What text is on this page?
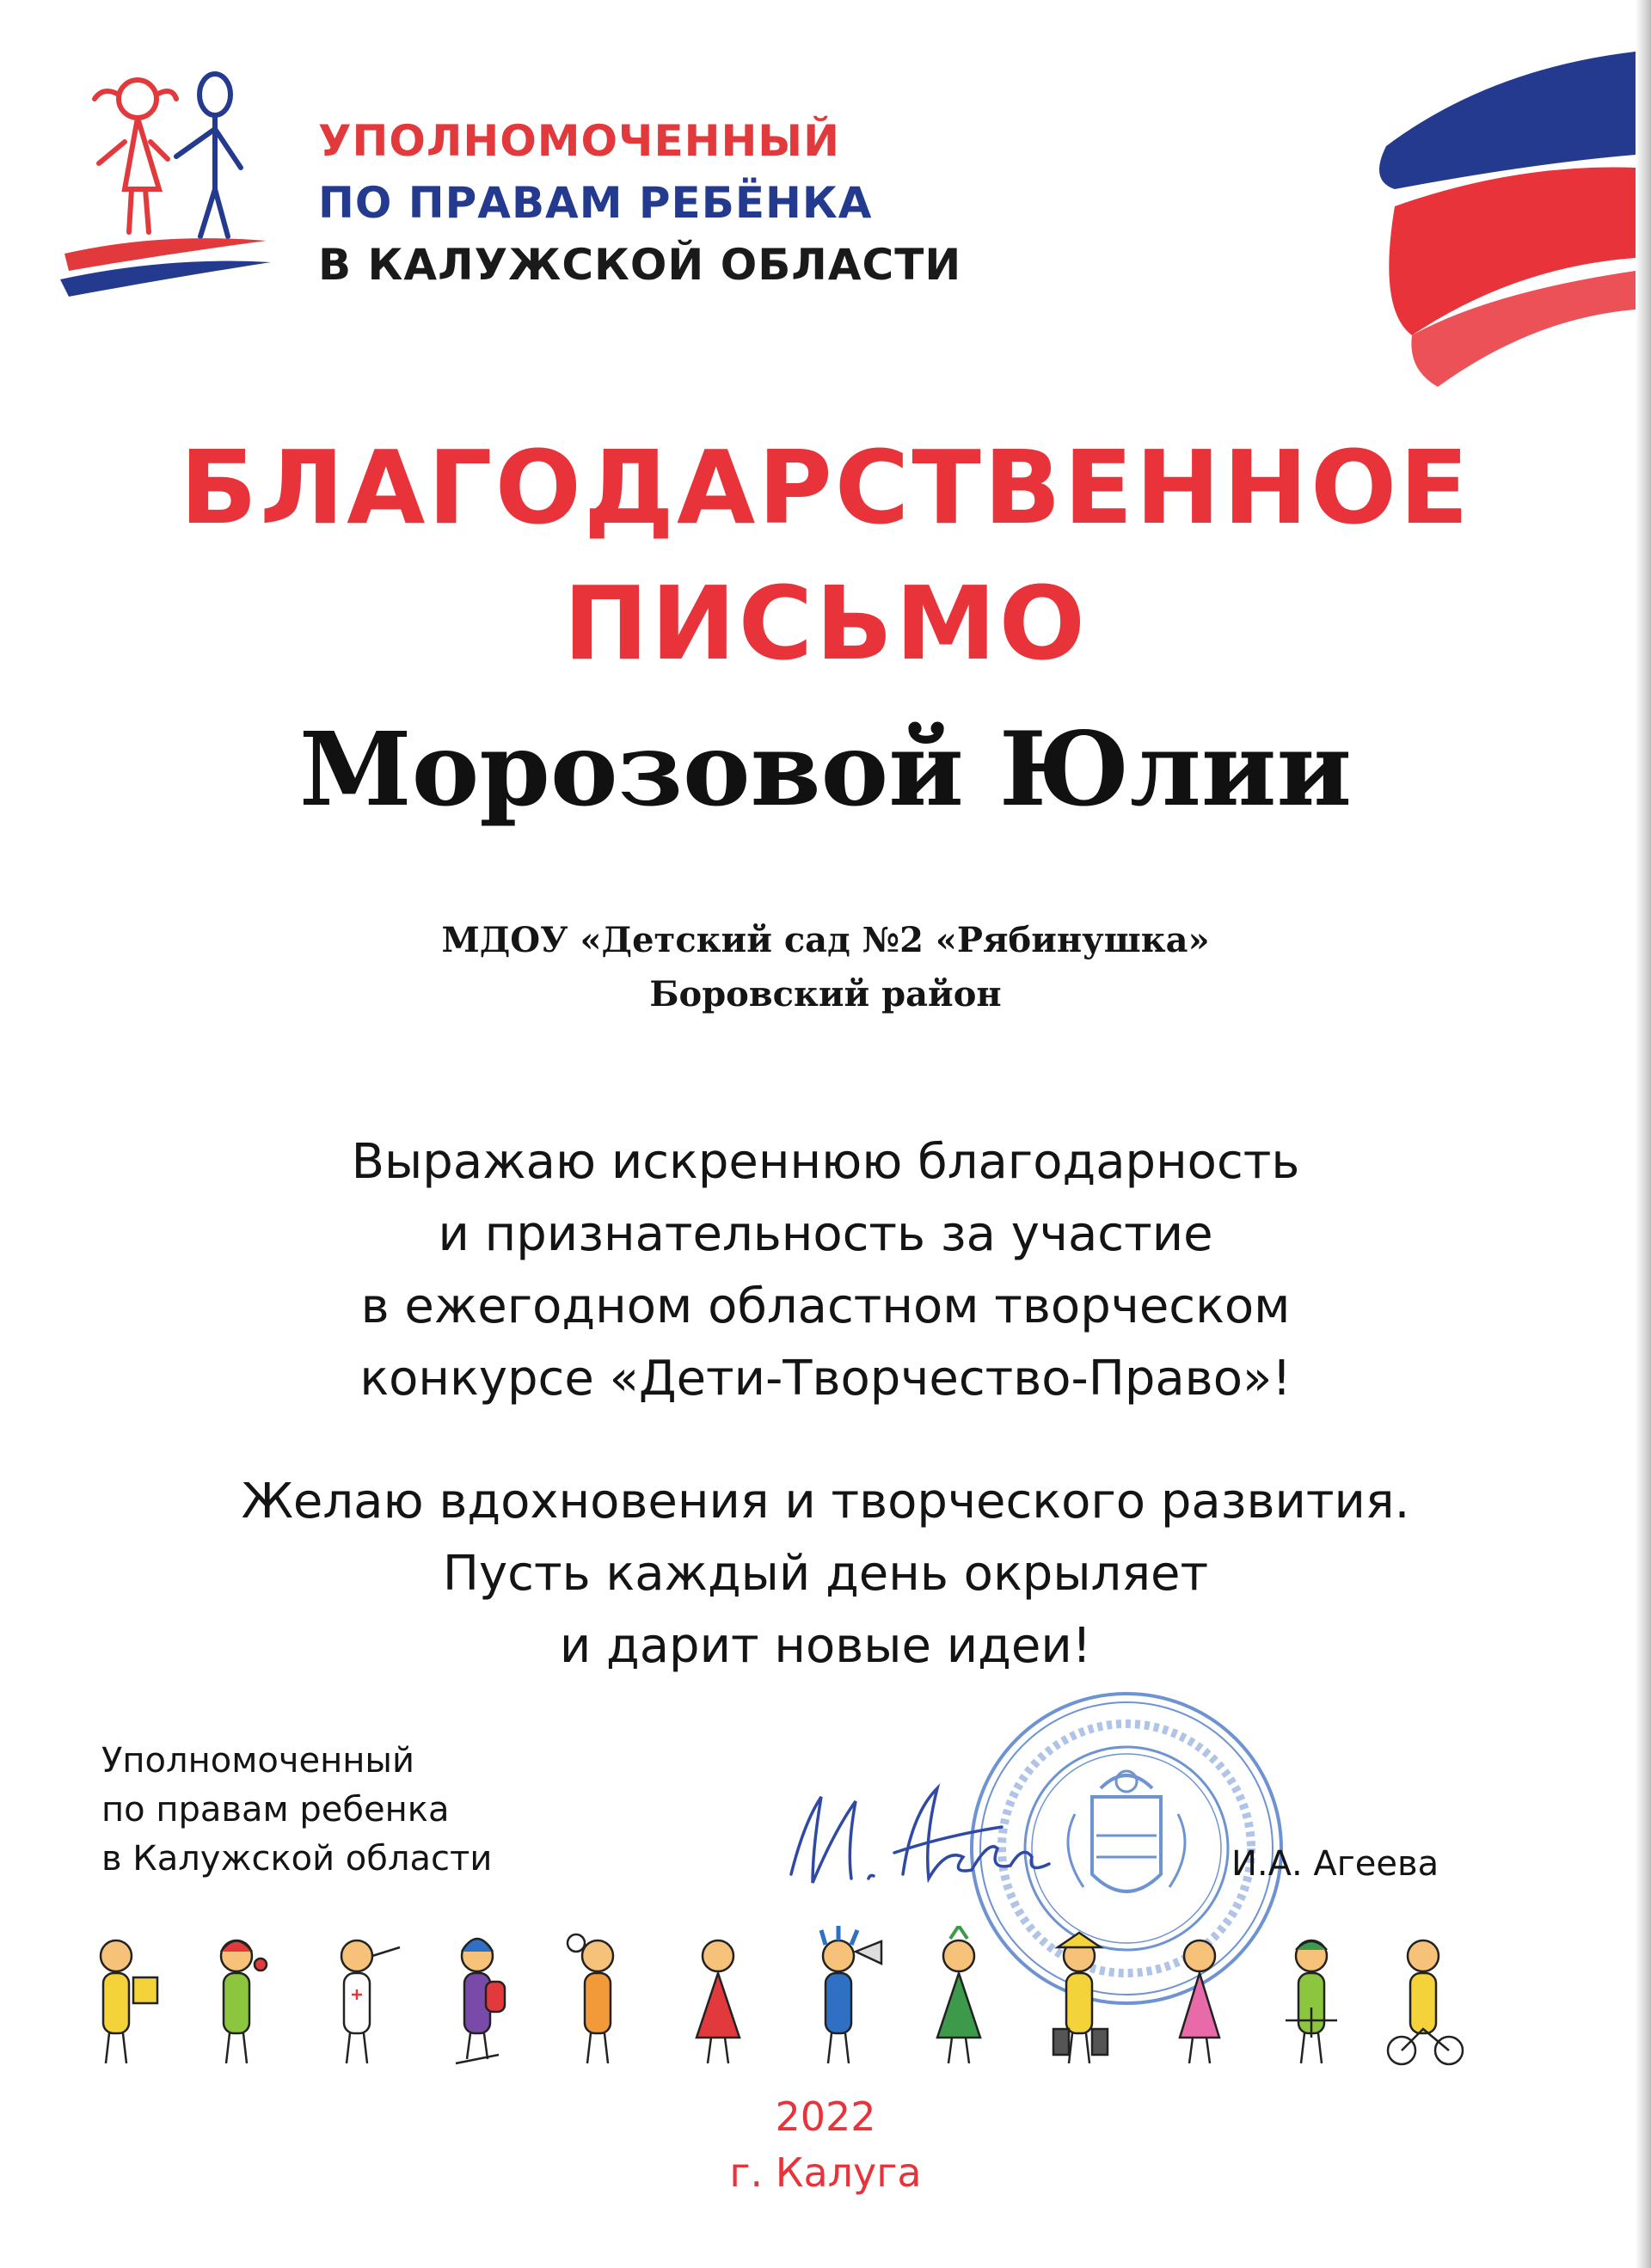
УПОЛНОМОЧЕННЫЙ
ПО ПРАВАМ РЕБЁНКА
В КАЛУЖСКОЙ ОБЛАСТИ
БЛАГОДАРСТВЕННОЕ
ПИСЬМО
Морозовой Юлии
МДОУ «Детский сад №2 «Рябинушка»
Боровский район
Выражаю искреннюю благодарность
и признательность за участие
в ежегодном областном творческом
конкурсе «Дети-Творчество-Право»!
Желаю вдохновения и творческого развития.
Пусть каждый день окрыляет
и дарит новые идеи!
Уполномоченный
по правам ребенка
в Калужской области	И.А. Агеева
2022
г. Калуга
